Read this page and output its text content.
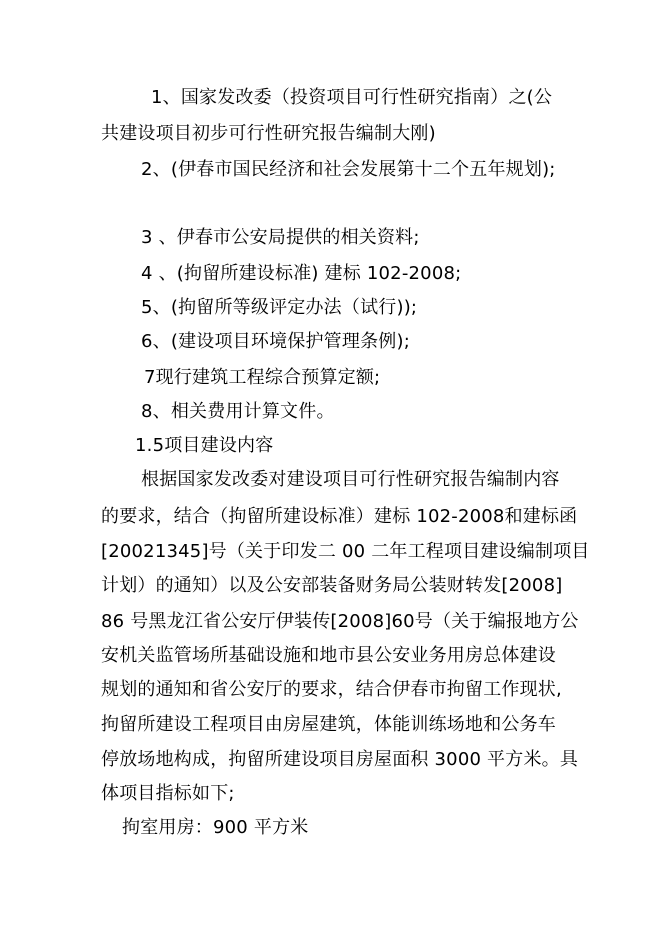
1、国家发改委（投资项目可行性研究指南）之(公
共建设项目初步可行性研究报告编制大刚)
2、(伊春市国民经济和社会发展第十二个五年规划);
3 、伊春市公安局提供的相关资料;
4 、(拘留所建设标准) 建标 102-2008;
5、(拘留所等级评定办法（试行));
6、(建设项目环境保护管理条例);
7现行建筑工程综合预算定额;
8、相关费用计算文件。
1.5项目建设内容
根据国家发改委对建设项目可行性研究报告编制内容
的要求，结合（拘留所建设标准）建标 102-2008和建标函
[20021345]号（关于印发二 00 二年工程项目建设编制项目
计划）的通知）以及公安部装备财务局公装财转发[2008]
86 号黑龙江省公安厅伊装传[2008]60号（关于编报地方公
安机关监管场所基础设施和地市县公安业务用房总体建设
规划的通知和省公安厅的要求，结合伊春市拘留工作现状,
拘留所建设工程项目由房屋建筑，体能训练场地和公务车
停放场地构成，拘留所建设项目房屋面积 3000 平方米。具
体项目指标如下;
拘室用房：900 平方米
